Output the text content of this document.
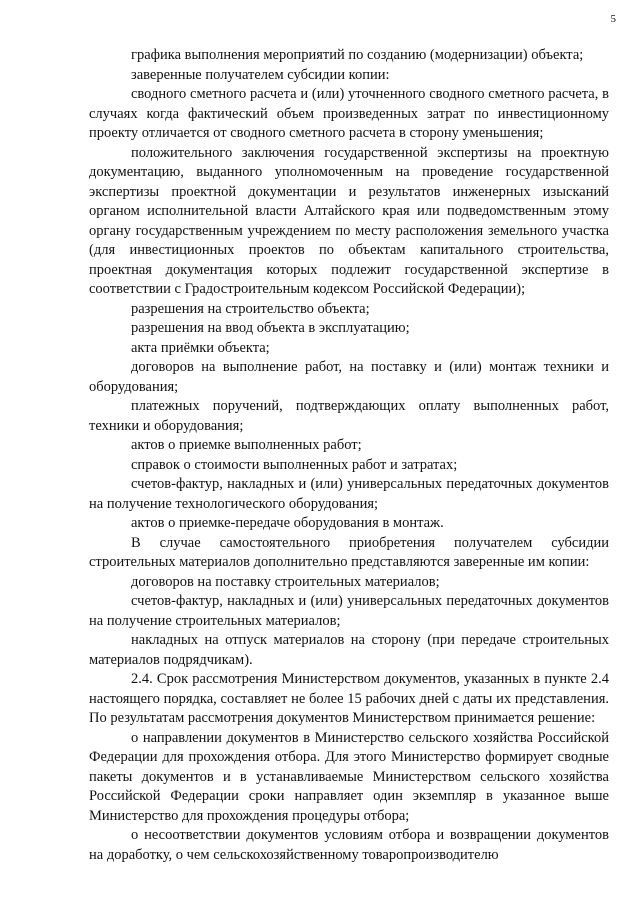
5

графика выполнения мероприятий по созданию (модернизации) объекта;

заверенные получателем субсидии копии:

сводного сметного расчета и (или) уточненного сводного сметного расчета, в случаях когда фактический объем произведенных затрат по инвестиционному проекту отличается от сводного сметного расчета в сторону уменьшения;

положительного заключения государственной экспертизы на проектную документацию, выданного уполномоченным на проведение государственной экспертизы проектной документации и результатов инженерных изысканий органом исполнительной власти Алтайского края или подведомственным этому органу государственным учреждением по месту расположения земельного участка (для инвестиционных проектов по объектам капитального строительства, проектная документация которых подлежит государственной экспертизе в соответствии с Градостроительным кодексом Российской Федерации);

разрешения на строительство объекта;

разрешения на ввод объекта в эксплуатацию;

акта приёмки объекта;

договоров на выполнение работ, на поставку и (или) монтаж техники и оборудования;

платежных поручений, подтверждающих оплату выполненных работ, техники и оборудования;

актов о приемке выполненных работ;

справок о стоимости выполненных работ и затратах;

счетов-фактур, накладных и (или) универсальных передаточных документов на получение технологического оборудования;

актов о приемке-передаче оборудования в монтаж.

В случае самостоятельного приобретения получателем субсидии строительных материалов дополнительно представляются заверенные им копии:

договоров на поставку строительных материалов;

счетов-фактур, накладных и (или) универсальных передаточных документов на получение строительных материалов;

накладных на отпуск материалов на сторону (при передаче строительных материалов подрядчикам).

2.4. Срок рассмотрения Министерством документов, указанных в пункте 2.4 настоящего порядка, составляет не более 15 рабочих дней с даты их представления. По результатам рассмотрения документов Министерством принимается решение:

о направлении документов в Министерство сельского хозяйства Российской Федерации для прохождения отбора. Для этого Министерство формирует сводные пакеты документов и в устанавливаемые Министерством сельского хозяйства Российской Федерации сроки направляет один экземпляр в указанное выше Министерство для прохождения процедуры отбора;

о несоответствии документов условиям отбора и возвращении документов на доработку, о чем сельскохозяйственному товаропроизводителю
